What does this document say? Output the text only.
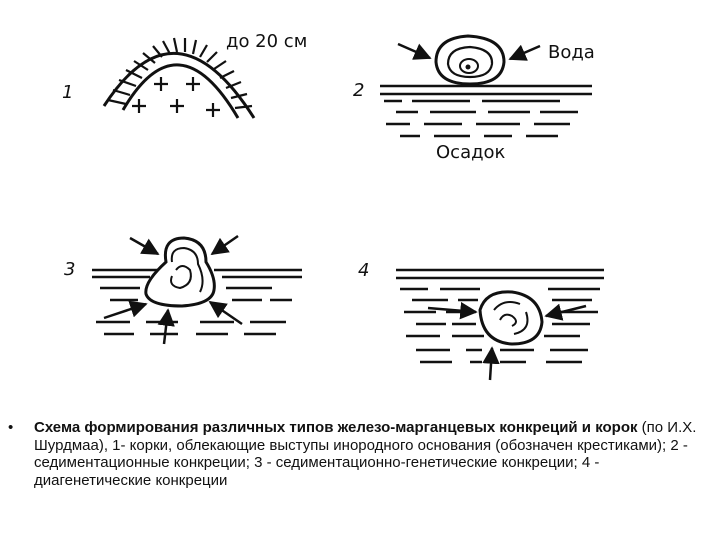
1
до 20 см
2
Вода
Осадок
3	4
•	Схема формирования различных типов железо-марганцевых конкреций и корок (по И.Х. Шурдмаа), 1- корки, облекающие выступы инородного основания (обозначен крестиками); 2 - седиментационные конкреции; 3 - седиментационно-генетические конкреции; 4 - диагенетические конкреции
